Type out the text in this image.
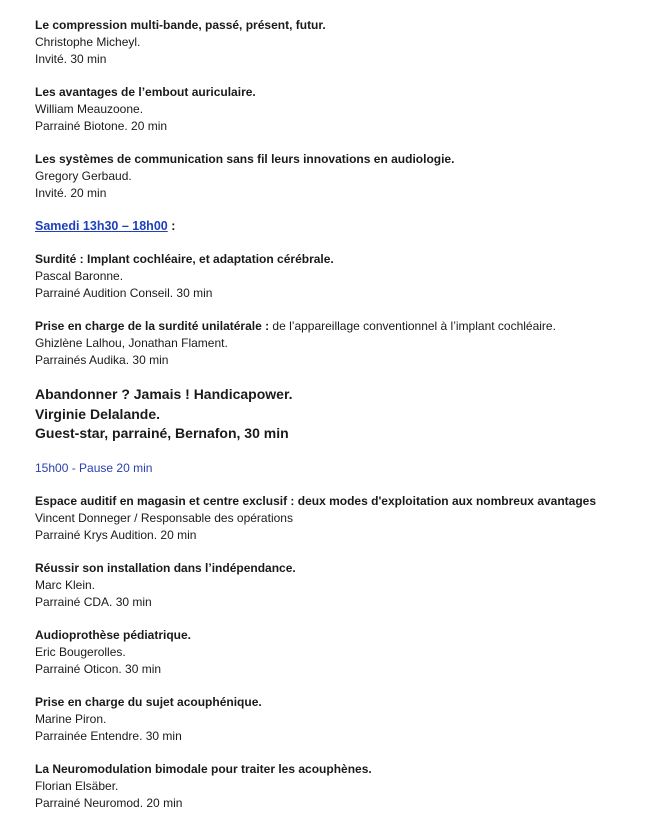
Le compression multi-bande, passé, présent, futur.
Christophe Micheyl.
Invité. 30 min
Les avantages de l’embout auriculaire.
William Meauzoone.
Parrainé Biotone. 20 min
Les systèmes de communication sans fil leurs innovations en audiologie.
Gregory Gerbaud.
Invité. 20 min
Samedi 13h30 – 18h00 :
Surdité : Implant cochléaire, et adaptation cérébrale.
Pascal Baronne.
Parrainé Audition Conseil. 30 min
Prise en charge de la surdité unilatérale : de l’appareillage conventionnel à l’implant cochléaire.
Ghizlène Lalhou, Jonathan Flament.
Parrainés Audika. 30 min
Abandonner ? Jamais ! Handicapower.
Virginie Delalande.
Guest-star, parrainé, Bernafon, 30 min
15h00 - Pause 20 min
Espace auditif en magasin et centre exclusif : deux modes d'exploitation aux nombreux avantages
Vincent Donneger / Responsable des opérations
Parrainé Krys Audition. 20 min
Réussir son installation dans l’indépendance.
Marc Klein.
Parrainé CDA. 30 min
Audioprothèse pédiatrique.
Eric Bougerolles.
Parrainé Oticon. 30 min
Prise en charge du sujet acouphénique.
Marine Piron.
Parrainée Entendre. 30 min
La Neuromodulation bimodale pour traiter les acouphènes.
Florian Elsäber.
Parrainé Neuromod. 20 min
